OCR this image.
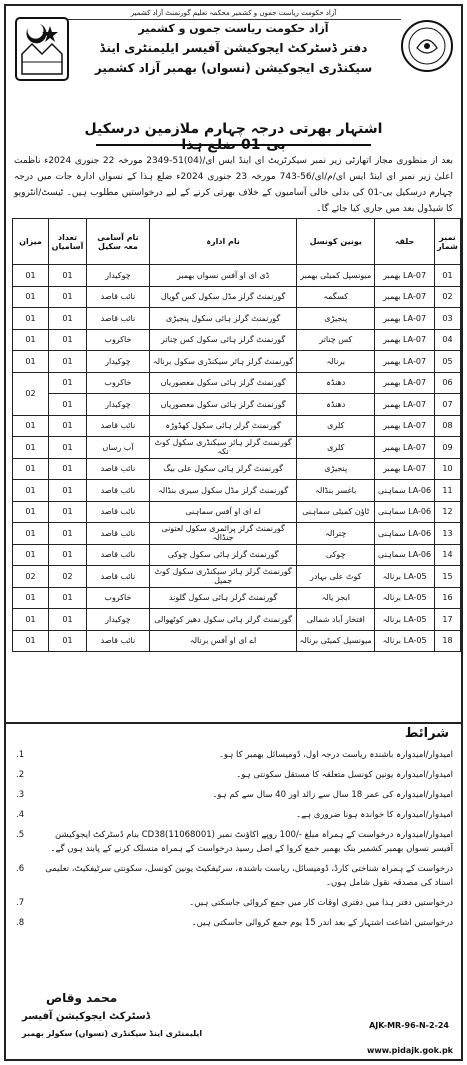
آزاد حکومت ریاست جموں و کشمیر محکمہ تعلیم گورنمنٹ آزاد کشمیر
آزاد حکومت ریاست جموں و کشمیر
دفتر ڈسٹرکٹ ایجوکیشن آفیسر ایلیمنٹری اینڈ
سیکنڈری ایجوکیشن (نسواں) بھمبر آزاد کشمیر
اشتہار بھرتی درجہ چہارم ملازمین درسکیل بی-01 ضلع ہذا
بعد از منظوری مجاز اتھارٹی زیر نمبر سیکرٹریٹ ای اینڈ ایس ای/(04)51-2349 مورخہ 22 جنوری 2024ء ناظمت اعلیٰ زیر نمبر ای اینڈ ایس ای/م/ای/56-743 مورخہ 23 جنوری 2024ء ضلع ہذا کے نسواں ادارہ جات میں درجہ چہارم درسکیل بی-01 کی بدلی خالی آسامیوں کے خلاف بھرتی کرنے کے لیے درخواستیں مطلوب ہیں۔ ٹیسٹ/انٹرویو کا شیڈول بعد میں جاری کیا جائے گا۔
نمبر شمار	حلقہ	یونین کونسل	نام ادارہ	نام آسامی معہ سکیل	تعداد آسامیاں	میزان
01	LA-07 بھمبر	میونسپل کمیٹی بھمبر	ڈی ای او آفس نسواں بھمبر	چوکیدار	01	01
02	LA-07 بھمبر	کسگمہ	گورنمنٹ گرلز مڈل سکول کس گوپال	نائب قاصد	01	01
03	LA-07 بھمبر	پنجیڑی	گورنمنٹ گرلز ہائی سکول پنجیڑی	نائب قاصد	01	01
04	LA-07 بھمبر	کس چناتر	گورنمنٹ گرلز ہائی سکول کس چناتر	خاکروب	01	01
05	LA-07 بھمبر	برنالہ	گورنمنٹ گرلز ہائر سیکنڈری سکول برنالہ	چوکیدار	01	01
06	LA-07 بھمبر	دھنڈہ	گورنمنٹ گرلز ہائی سکول معصوریاں	خاکروب	01	02
07	LA-07 بھمبر	دھنڈہ	گورنمنٹ گرلز ہائی سکول معصوریاں	چوکیدار	01	
08	LA-07 بھمبر	کلری	گورنمنٹ گرلز ہائی سکول کھڈوڑہ	نائب قاصد	01	01
09	LA-07 بھمبر	کلری	گورنمنٹ گرلز ہائر سیکنڈری سکول کوٹ نکہ	آب رساں	01	01
10	LA-07 بھمبر	پنجیڑی	گورنمنٹ گرلز ہائی سکول علی بیگ	نائب قاصد	01	01
11	LA-06 سماہنی	باغسر بنڈالہ	گورنمنٹ گرلز مڈل سکول سیری بنڈالہ	نائب قاصد	01	01
12	LA-06 سماہنی	ٹاؤن کمیٹی سماہنی	اے ای او آفس سماہنی	نائب قاصد	01	01
13	LA-06 سماہنی	چترالہ	گورنمنٹ گرلز پرائمری سکول لعتونی جنڈالہ	نائب قاصد	01	01
14	LA-06 سماہنی	چوکی	گورنمنٹ گرلز ہائی سکول چوکی	نائب قاصد	01	01
15	LA-05 برنالہ	کوٹ علی بہادر	گورنمنٹ گرلز ہائر سیکنڈری سکول کوٹ جمیل	نائب قاصد	02	02
16	LA-05 برنالہ	ابجر یالہ	گورنمنٹ گرلز ہائی سکول گلوند	خاکروب	01	01
17	LA-05 برنالہ	افتخار آباد شمالی	گورنمنٹ گرلز ہائی سکول دھیر کوٹھوالی	چوکیدار	01	01
18	LA-05 برنالہ	میونسپل کمیٹی برنالہ	اے ای او آفس برنالہ	نائب قاصد	01	01
شرائط
امیدوار/امیدوارہ باشندہ ریاست درجہ اول، ڈومیسائل بھمبر کا ہو۔
1.
امیدوار/امیدوارہ یونین کونسل متعلقہ کا مستقل سکونتی ہو۔
2.
امیدوار/امیدوارہ کی عمر 18 سال سے زائد اور 40 سال سے کم ہو۔
3.
امیدوار/امیدوارہ کا خواندہ ہونا ضروری ہے۔
4.
امیدوار/امیدوارہ درخواست کے ہمراہ مبلغ -/100 روپے اکاؤنٹ نمبر (11068001)CD38 بنام ڈسٹرکٹ ایجوکیشن آفیسر نسواں بھمبر کشمیر بنک بھمبر جمع کروا کے اصل رسید درخواست کے ہمراہ منسلک کرنے کے پابند ہوں گے۔
5.
درخواست کے ہمراہ شناختی کارڈ، ڈومیسائل، ریاست باشندہ، سرٹیفکیٹ یونین کونسل، سکونتی سرٹیفکیٹ، تعلیمی اسناد کی مصدقہ نقول شامل ہوں۔
6.
درخواستیں دفتر ہذا میں دفتری اوقات کار میں جمع کروائی جاسکتی ہیں۔
7.
درخواستیں اشاعت اشتہار کے بعد اندر 15 یوم جمع کروائی جاسکتی ہیں۔
8.
محمد وقاص
ڈسٹرکٹ ایجوکیشن آفیسر
ایلیمنٹری اینڈ سیکنڈری (نسواں) سکولز بھمبر
AJK-MR-96-N-2-24
www.pidajk.gok.pk
